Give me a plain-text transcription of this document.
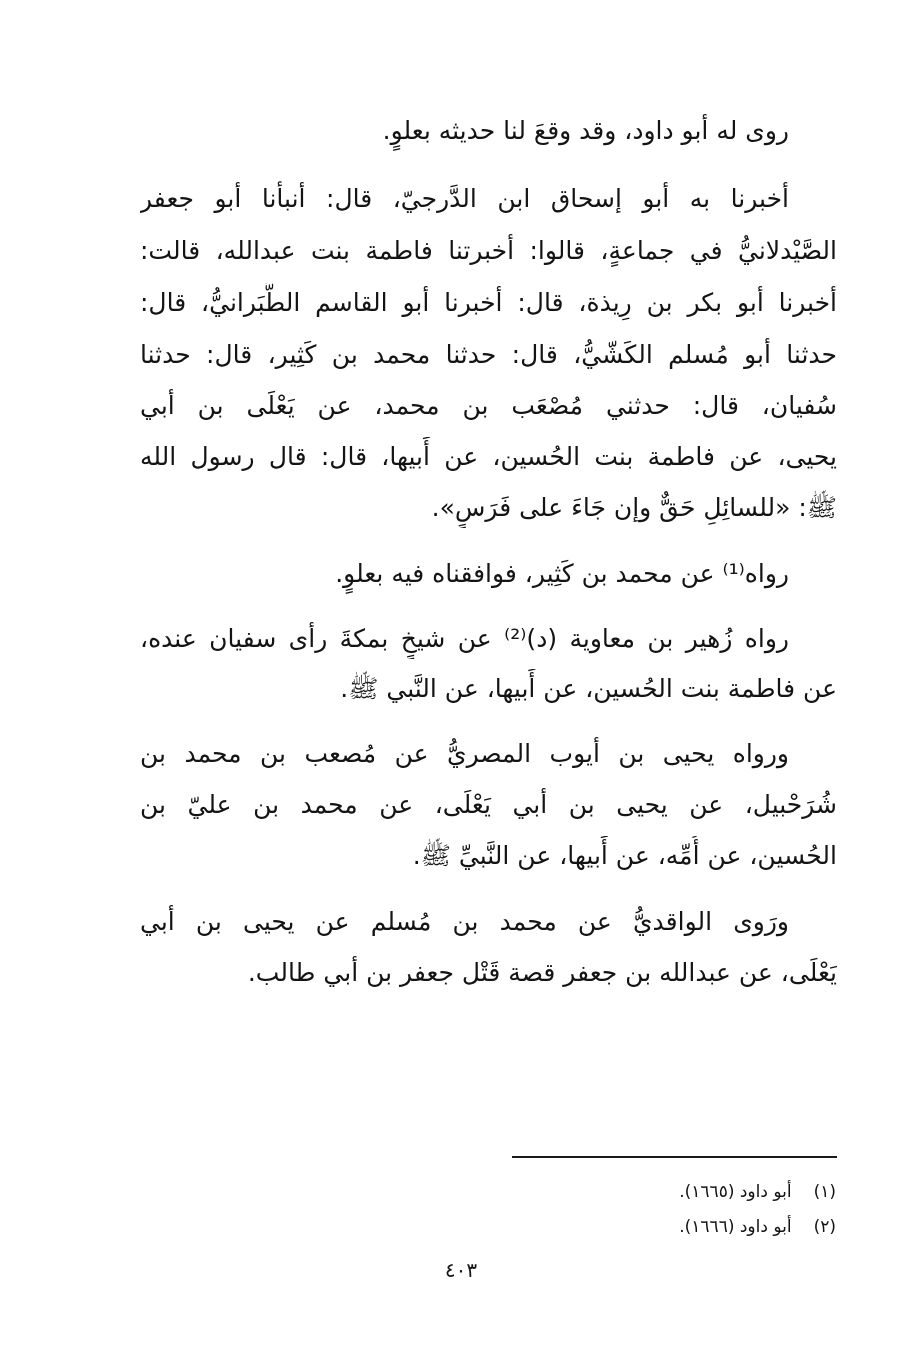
روى له أبو داود، وقد وقعَ لنا حديثه بعلوٍ.
أخبرنا به أبو إسحاق ابن الدَّرجيّ، قال: أنبأنا أبو جعفر
الصَّيْدلانيُّ في جماعةٍ، قالوا: أخبرتنا فاطمة بنت عبدالله، قالت:
أخبرنا أبو بكر بن رِيذة، قال: أخبرنا أبو القاسم الطَّبَرانيُّ، قال:
حدثنا أبو مُسلم الكَشّيُّ، قال: حدثنا محمد بن كَثِير، قال: حدثنا
سُفيان، قال: حدثني مُصْعَب بن محمد، عن يَعْلَى بن أبي
يحيى، عن فاطمة بنت الحُسين، عن أَبيها، قال: قال رسول الله
ﷺ: «للسائِلِ حَقٌّ وإن جَاءَ على فَرَسٍ».
رواه⁽¹⁾ عن محمد بن كَثِير، فوافقناه فيه بعلوٍ.
رواه زُهير بن معاوية (د)⁽²⁾ عن شيخٍ بمكةَ رأى سفيان عنده،
عن فاطمة بنت الحُسين، عن أَبيها، عن النَّبي ﷺ.
ورواه يحيى بن أيوب المصريُّ عن مُصعب بن محمد بن
شُرَحْبيل، عن يحيى بن أبي يَعْلَى، عن محمد بن عليّ بن
الحُسين، عن أُمِّه، عن أَبيها، عن النَّبيِّ ﷺ.
ورَوى الواقديُّ عن محمد بن مُسلم عن يحيى بن أبي
يَعْلَى، عن عبدالله بن جعفر قصة قَتْل جعفر بن أبي طالب.
(١)أبو داود (١٦٦٥).
(٢)أبو داود (١٦٦٦).
٤٠٣
